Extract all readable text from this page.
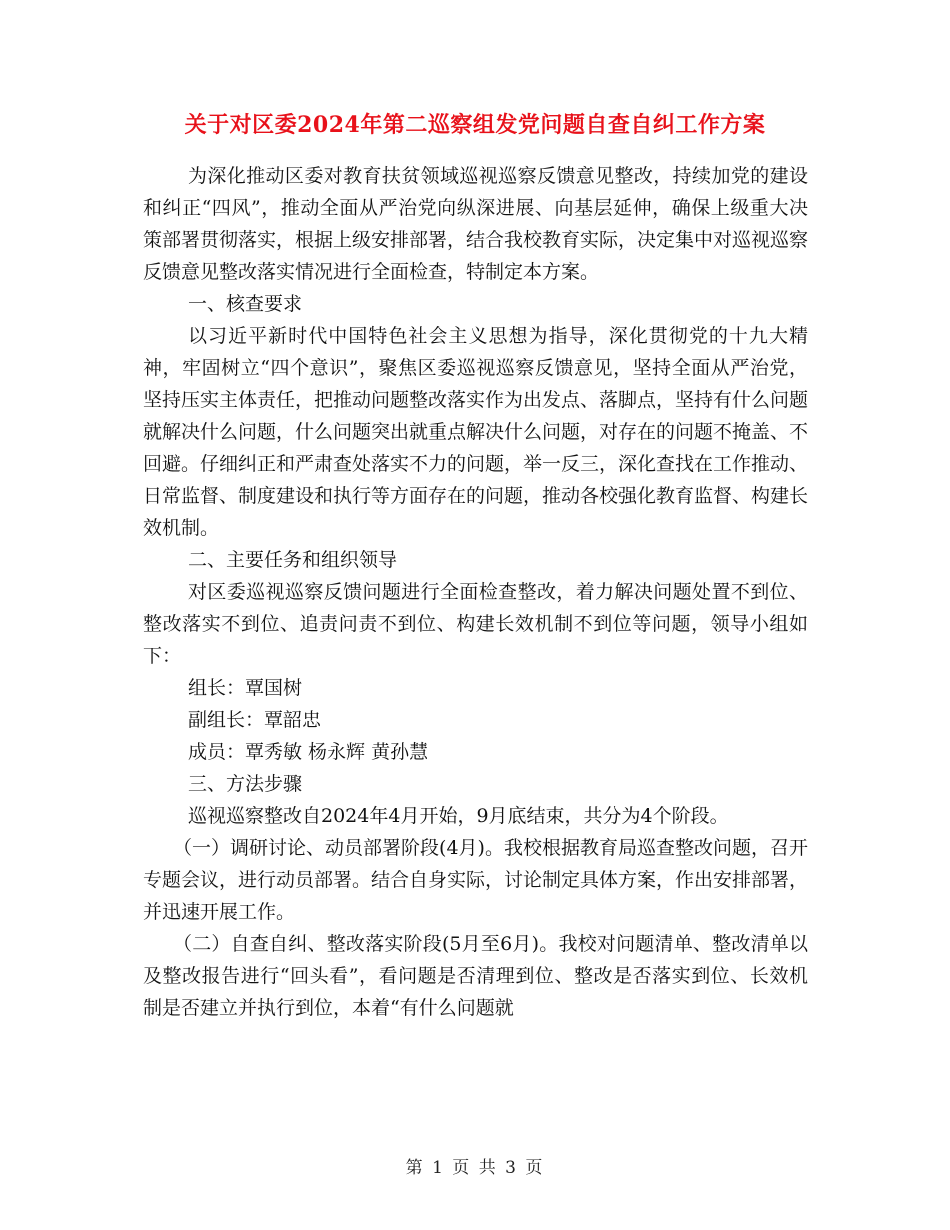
关于对区委2024年第二巡察组发党问题自查自纠工作方案

为深化推动区委对教育扶贫领域巡视巡察反馈意见整改，持续加党的建设和纠正“四风”，推动全面从严治党向纵深进展、向基层延伸，确保上级重大决策部署贯彻落实，根据上级安排部署，结合我校教育实际，决定集中对巡视巡察反馈意见整改落实情况进行全面检查，特制定本方案。

一、核查要求

以习近平新时代中国特色社会主义思想为指导，深化贯彻党的十九大精神，牢固树立“四个意识”，聚焦区委巡视巡察反馈意见，坚持全面从严治党，坚持压实主体责任，把推动问题整改落实作为出发点、落脚点，坚持有什么问题就解决什么问题，什么问题突出就重点解决什么问题，对存在的问题不掩盖、不回避。仔细纠正和严肃查处落实不力的问题，举一反三，深化查找在工作推动、日常监督、制度建设和执行等方面存在的问题，推动各校强化教育监督、构建长效机制。

二、主要任务和组织领导

对区委巡视巡察反馈问题进行全面检查整改，着力解决问题处置不到位、整改落实不到位、追责问责不到位、构建长效机制不到位等问题，领导小组如下：

组长：覃国树

副组长：覃韶忠

成员：覃秀敏 杨永辉 黄孙慧

三、方法步骤

巡视巡察整改自2024年4月开始，9月底结束，共分为4个阶段。

（一）调研讨论、动员部署阶段(4月)。我校根据教育局巡查整改问题，召开专题会议，进行动员部署。结合自身实际，讨论制定具体方案，作出安排部署，并迅速开展工作。

（二）自查自纠、整改落实阶段(5月至6月)。我校对问题清单、整改清单以及整改报告进行“回头看”，看问题是否清理到位、整改是否落实到位、长效机制是否建立并执行到位，本着“有什么问题就

第 1 页 共 3 页
